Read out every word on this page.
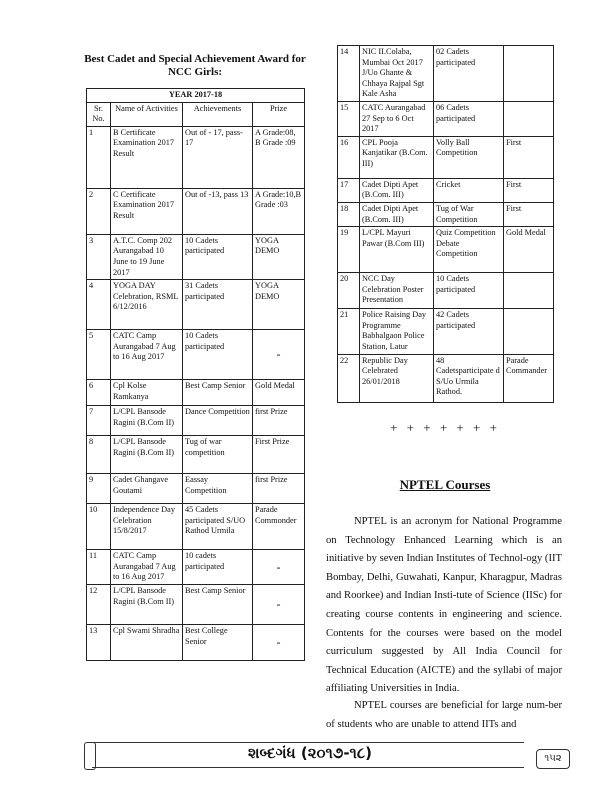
Best Cadet and Special Achievement Award for NCC Girls:
YEAR 2017-18			
Sr. No.	Name of Activities	Achievements	Prize
1	B Certificate Examination 2017 Result	Out of - 17, pass-17	A Grade:08, B Grade :09
2	C Certificate Examination 2017 Result	Out of -13, pass 13	A Grade:10,B Grade :03
3	A.T.C. Comp 202 Aurangabad 10 June to 19 June 2017	10 Cadets participated	YOGA DEMO
4	YOGA DAY Celebration, RSML 6/12/2016	31 Cadets participated	YOGA DEMO
5	CATC Camp Aurangabad 7 Aug to 16 Aug 2017	10 Cadets participated	-
6	Cpl Kolse Ramkanya	Best Camp Senior	Gold Medal
7	L/CPL Bansode Ragini (B.Com II)	Dance Competition	first Prize
8	L/CPL Bansode Ragini (B.Com II)	Tug of war competition	First Prize
9	Cadet Ghangave Goutami	Eassay Competition	first Prize
10	Independence Day Celebration 15/8/2017	45 Cadets participated S/UO Rathod Urmila	Parade Commonder
11	CATC Camp Aurangabad 7 Aug to 16 Aug 2017	10 cadets participated	-
12	L/CPL Bansode Ragini (B.Com II)	Best Camp Senior	-
13	Cpl Swami Shradha	Best College Senior	-
14	NIC II.Colaba, Mumbai Oct 2017 J/Uo Ghante & Chhaya Rajpal Sgt Kale Asha	02 Cadets participated	
15	CATC Aurangabad 27 Sep to 6 Oct 2017	06 Cadets participated	
16	CPL Pooja Kanjatikar (B.Com. III)	Volly Ball Competition	First
17	Cadet Dipti Apet (B.Com. III)	Cricket	First
18	Cadet Dipti Apet (B.Com. III)	Tug of War Competition	First
19	L/CPL Mayuri Pawar (B.Com III)	Quiz Competition Debate Competition	Gold Medal
20	NCC Day Celebration Poster Presentation	10 Cadets participated	
21	Police Raising Day Programme Babhalgaon Police Station, Latur	42 Cadets participated	
22	Republic Day Celebrated 26/01/2018	48 Cadetsparticipate d S/Uo Urmila Rathod.	Parade Commander
+ + + + + + +
NPTEL Courses

NPTEL is an acronym for National Programme on Technology Enhanced Learning which is an initiative by seven Indian Institutes of Technol-ogy (IIT Bombay, Delhi, Guwahati, Kanpur, Kharagpur, Madras and Roorkee) and Indian Insti-tute of Science (IISc) for creating course contents in engineering and science. Contents for the courses were based on the model curriculum suggested by All India Council for Technical Education (AICTE) and the syllabi of major affiliating Universities in India.

NPTEL courses are beneficial for large num-ber of students who are unable to attend IITs and

શબ્દગંધ (૨૦૧૭-૧૮)	૧૫૨
